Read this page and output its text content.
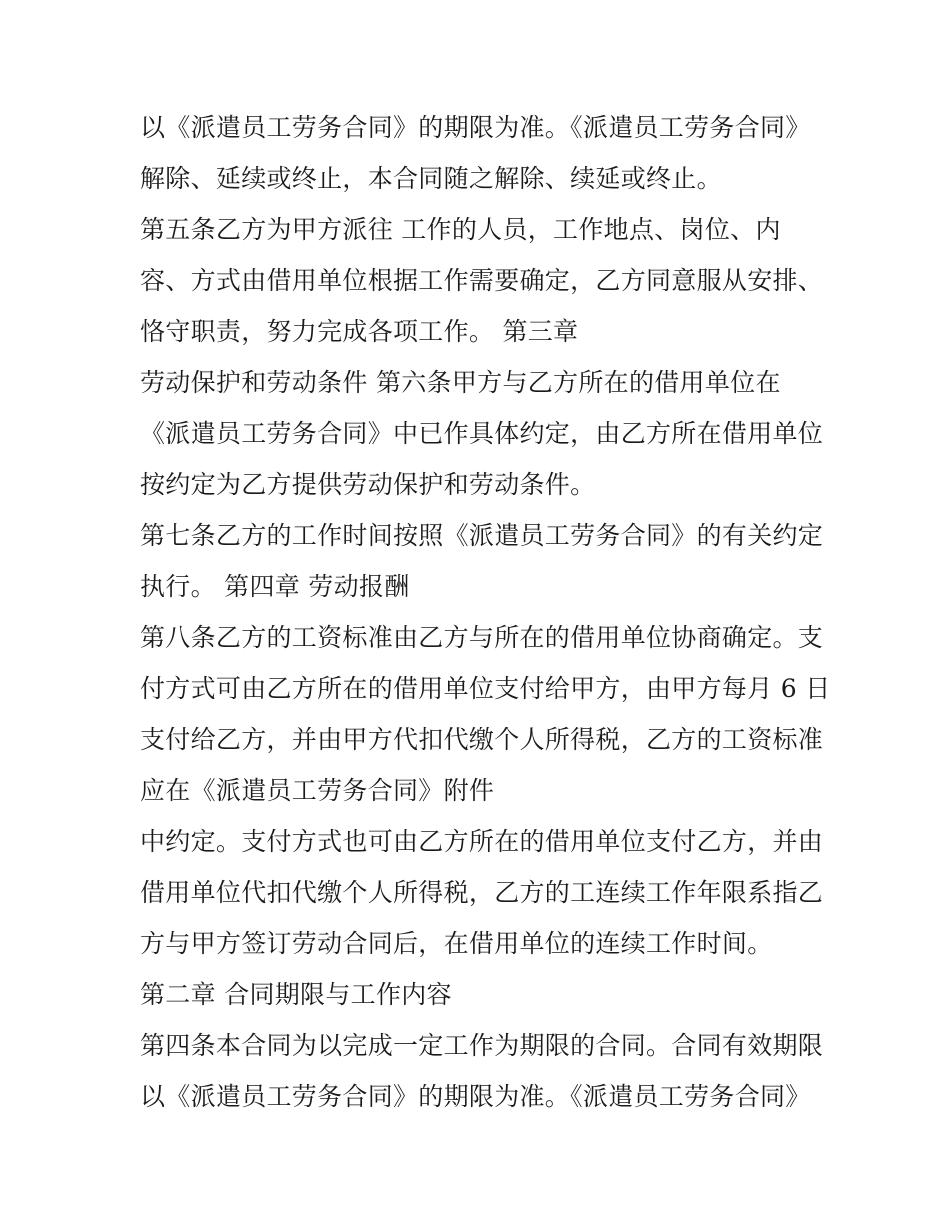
以《派遣员工劳务合同》的期限为准。《派遣员工劳务合同》
解除、延续或终止，本合同随之解除、续延或终止。
第五条乙方为甲方派往 工作的人员，工作地点、岗位、内
容、方式由借用单位根据工作需要确定，乙方同意服从安排、
恪守职责，努力完成各项工作。 第三章
劳动保护和劳动条件 第六条甲方与乙方所在的借用单位在
《派遣员工劳务合同》中已作具体约定，由乙方所在借用单位
按约定为乙方提供劳动保护和劳动条件。
第七条乙方的工作时间按照《派遣员工劳务合同》的有关约定
执行。 第四章 劳动报酬
第八条乙方的工资标准由乙方与所在的借用单位协商确定。支
付方式可由乙方所在的借用单位支付给甲方，由甲方每月 6 日
支付给乙方，并由甲方代扣代缴个人所得税，乙方的工资标准
应在《派遣员工劳务合同》附件
中约定。支付方式也可由乙方所在的借用单位支付乙方，并由
借用单位代扣代缴个人所得税，乙方的工连续工作年限系指乙
方与甲方签订劳动合同后，在借用单位的连续工作时间。
第二章 合同期限与工作内容
第四条本合同为以完成一定工作为期限的合同。合同有效期限
以《派遣员工劳务合同》的期限为准。《派遣员工劳务合同》
